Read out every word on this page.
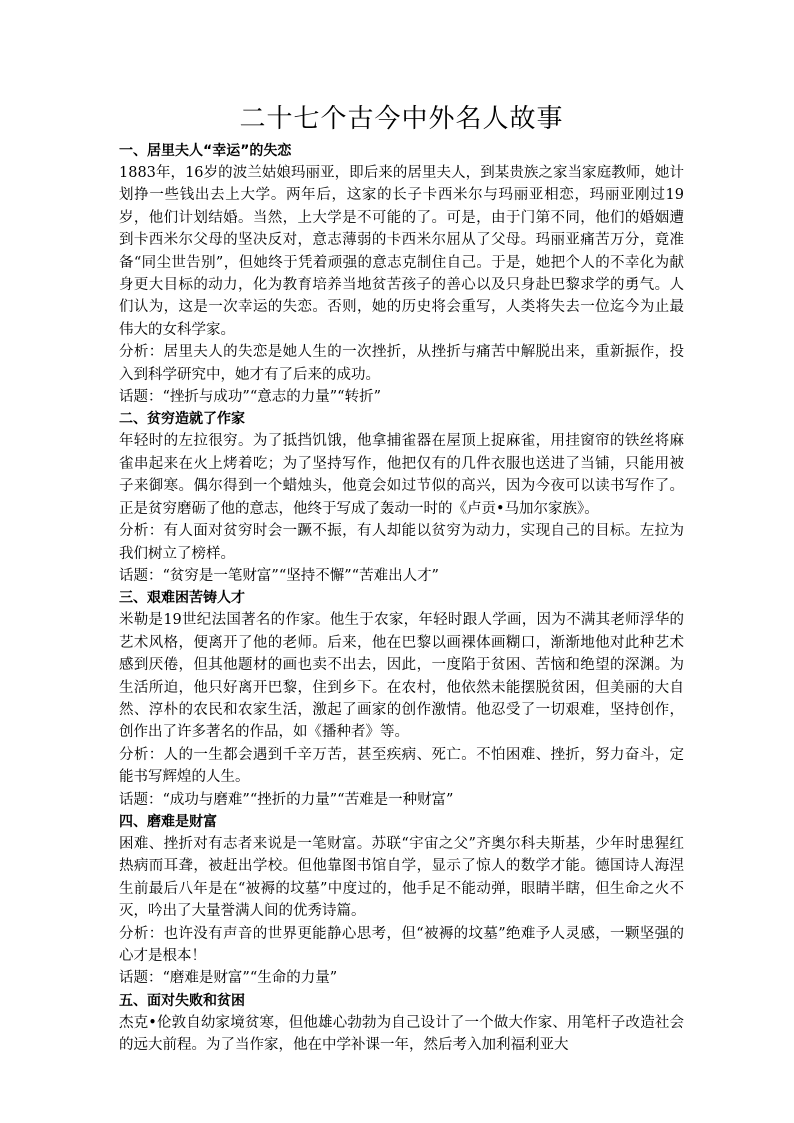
二十七个古今中外名人故事
一、居里夫人“幸运”的失恋

1883年，16岁的波兰姑娘玛丽亚，即后来的居里夫人，到某贵族之家当家庭教师，她计划挣一些钱出去上大学。两年后，这家的长子卡西米尔与玛丽亚相恋，玛丽亚刚过19岁，他们计划结婚。当然，上大学是不可能的了。可是，由于门第不同，他们的婚姻遭到卡西米尔父母的坚决反对，意志薄弱的卡西米尔屈从了父母。玛丽亚痛苦万分，竟准备“同尘世告别”，但她终于凭着顽强的意志克制住自己。于是，她把个人的不幸化为献身更大目标的动力，化为教育培养当地贫苦孩子的善心以及只身赴巴黎求学的勇气。人们认为，这是一次幸运的失恋。否则，她的历史将会重写，人类将失去一位迄今为止最伟大的女科学家。

分析：居里夫人的失恋是她人生的一次挫折，从挫折与痛苦中解脱出来，重新振作，投入到科学研究中，她才有了后来的成功。

话题：“挫折与成功”“意志的力量”“转折”

二、贫穷造就了作家

年轻时的左拉很穷。为了抵挡饥饿，他拿捕雀器在屋顶上捉麻雀，用挂窗帘的铁丝将麻雀串起来在火上烤着吃；为了坚持写作，他把仅有的几件衣服也送进了当铺，只能用被子来御寒。偶尔得到一个蜡烛头，他竟会如过节似的高兴，因为今夜可以读书写作了。正是贫穷磨砺了他的意志，他终于写成了轰动一时的《卢贡•马加尔家族》。

分析：有人面对贫穷时会一蹶不振，有人却能以贫穷为动力，实现自己的目标。左拉为我们树立了榜样。

话题：“贫穷是一笔财富”“坚持不懈”“苦难出人才”

三、艰难困苦铸人才

米勒是19世纪法国著名的作家。他生于农家，年轻时跟人学画，因为不满其老师浮华的艺术风格，便离开了他的老师。后来，他在巴黎以画裸体画糊口，渐渐地他对此种艺术感到厌倦，但其他题材的画也卖不出去，因此，一度陷于贫困、苦恼和绝望的深渊。为生活所迫，他只好离开巴黎，住到乡下。在农村，他依然未能摆脱贫困，但美丽的大自然、淳朴的农民和农家生活，激起了画家的创作激情。他忍受了一切艰难，坚持创作，创作出了许多著名的作品，如《播种者》等。

分析：人的一生都会遇到千辛万苦，甚至疾病、死亡。不怕困难、挫折，努力奋斗，定能书写辉煌的人生。

话题：“成功与磨难”“挫折的力量”“苦难是一种财富”

四、磨难是财富

困难、挫折对有志者来说是一笔财富。苏联“宇宙之父”齐奥尔科夫斯基，少年时患猩红热病而耳聋，被赶出学校。但他靠图书馆自学，显示了惊人的数学才能。德国诗人海涅生前最后八年是在“被褥的坟墓”中度过的，他手足不能动弹，眼睛半瞎，但生命之火不灭，吟出了大量誉满人间的优秀诗篇。

分析：也许没有声音的世界更能静心思考，但“被褥的坟墓”绝难予人灵感，一颗坚强的心才是根本！

话题：“磨难是财富”“生命的力量”

五、面对失败和贫困

杰克•伦敦自幼家境贫寒，但他雄心勃勃为自己设计了一个做大作家、用笔杆子改造社会的远大前程。为了当作家，他在中学补课一年，然后考入加利福利亚大
